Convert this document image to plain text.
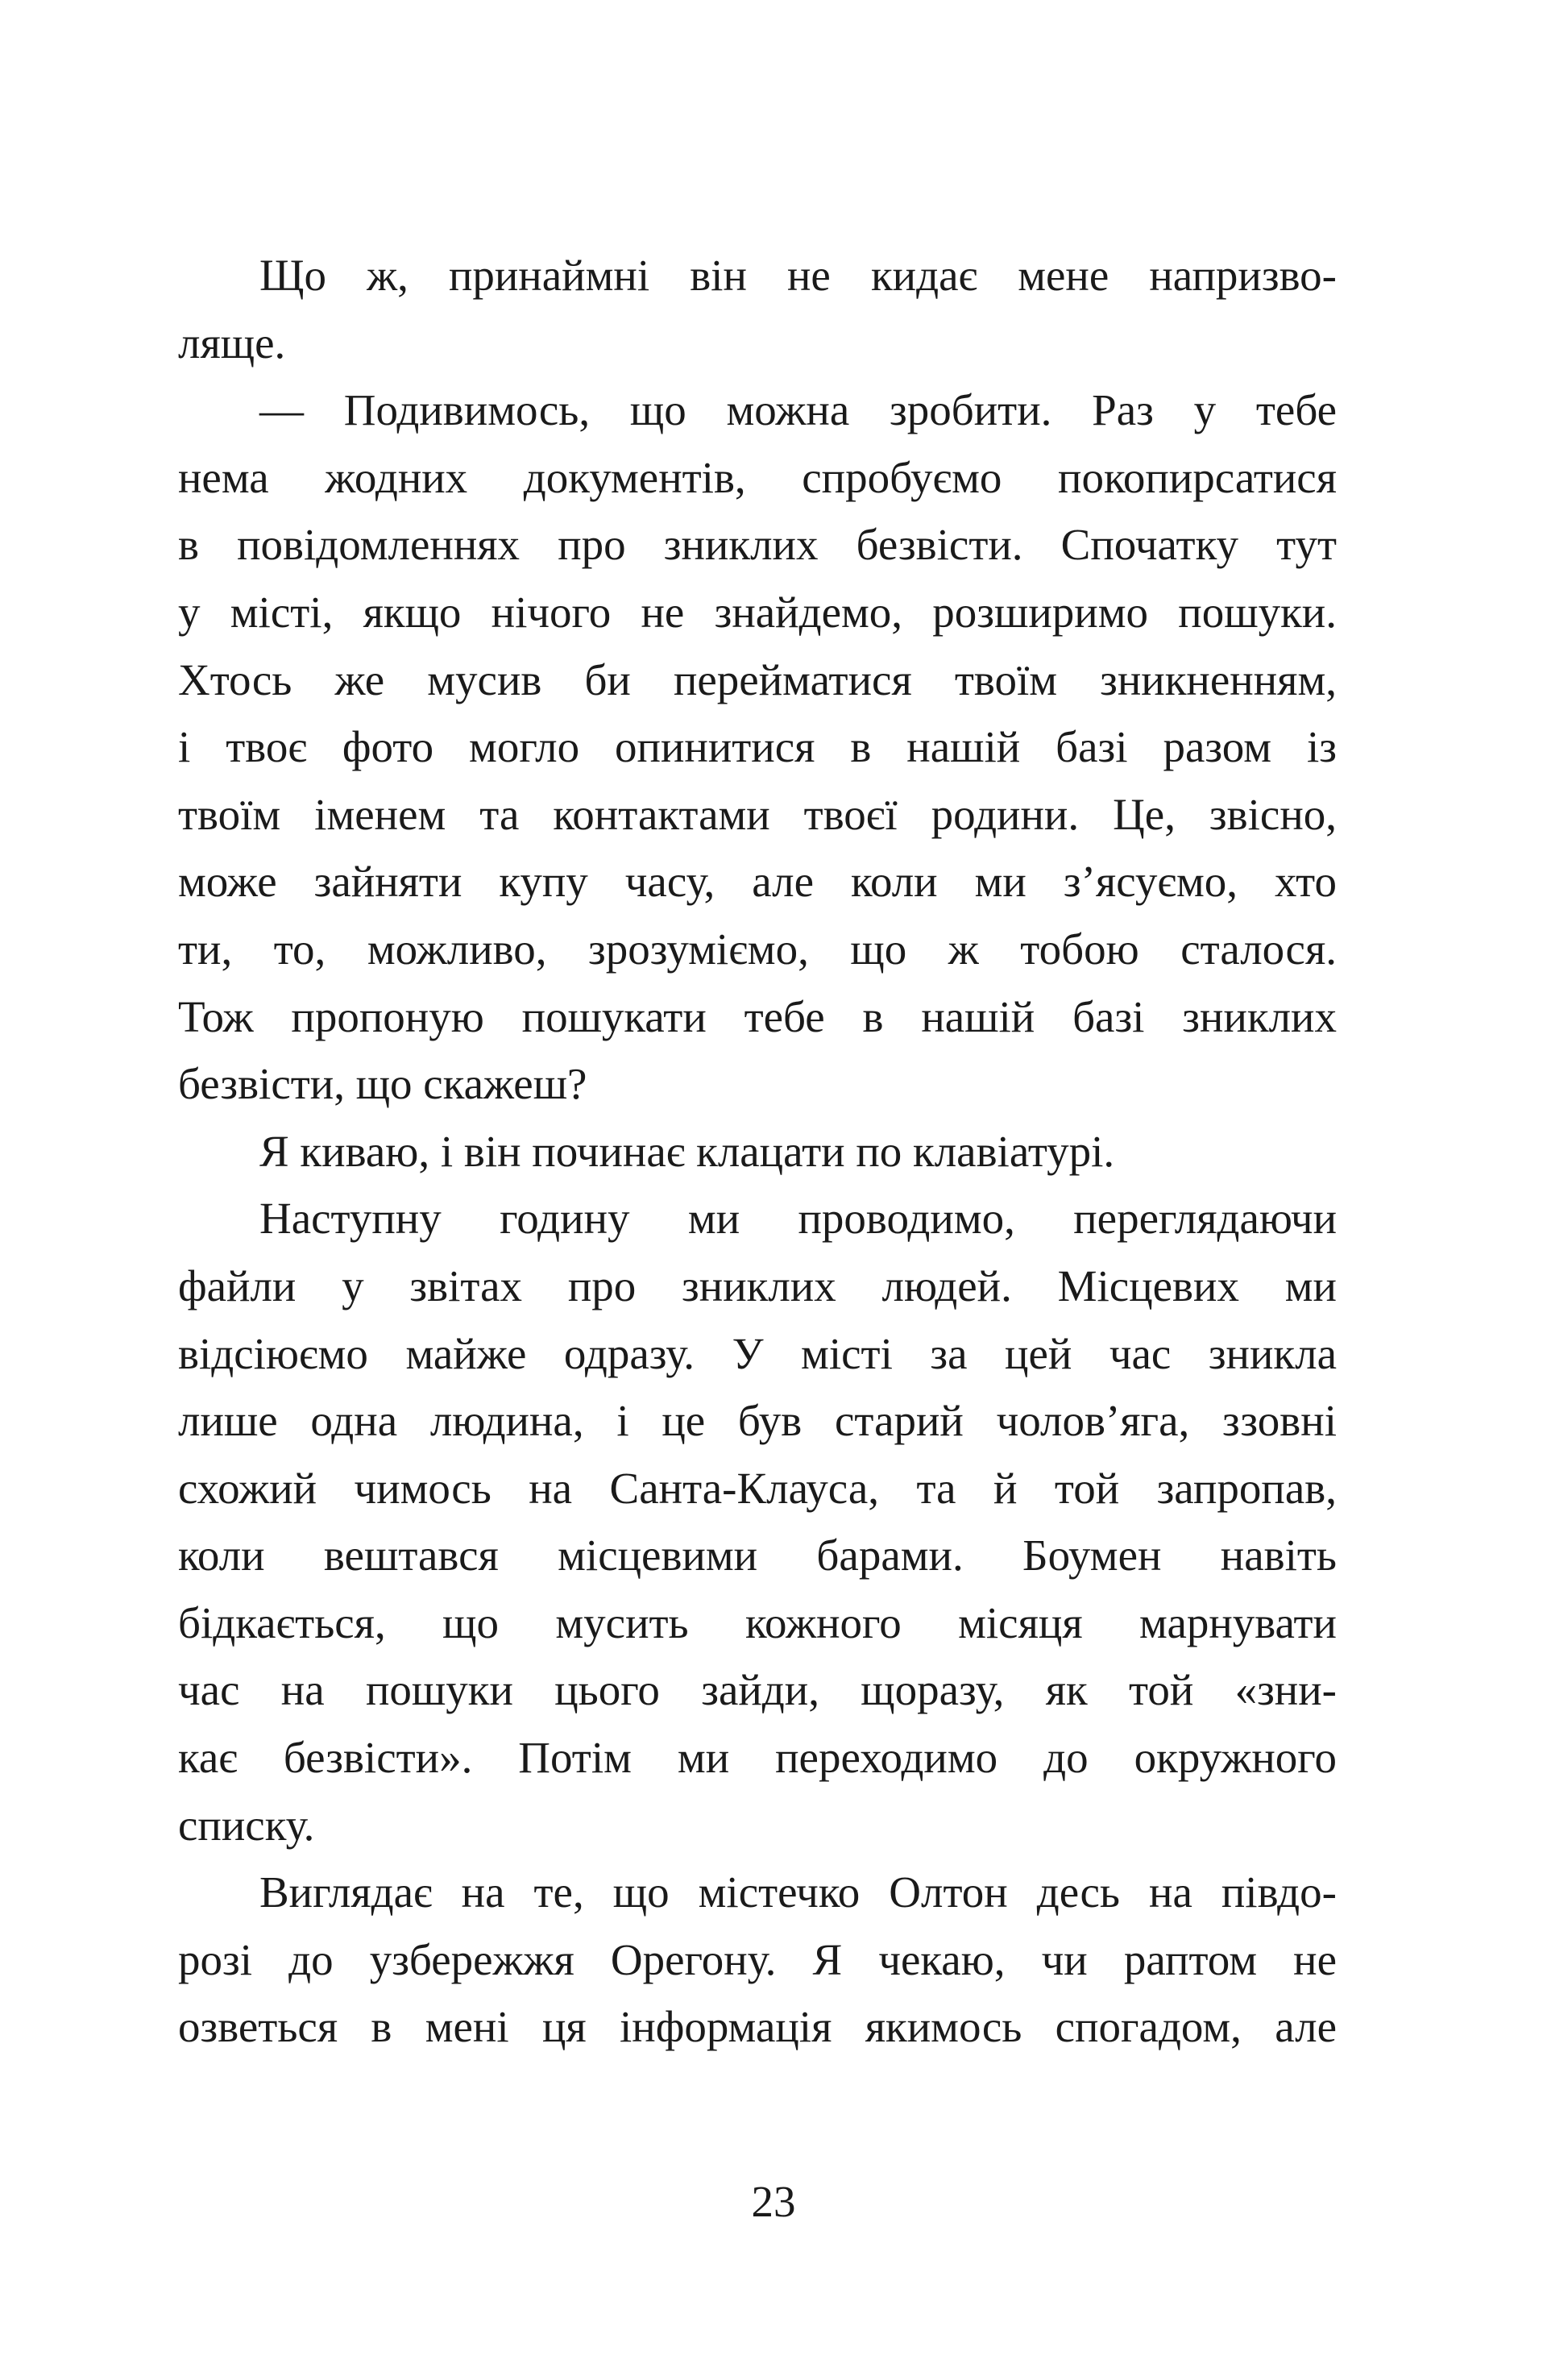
Що ж, принаймні він не кидає мене напризво-
ляще.
— Подивимось, що можна зробити. Раз у тебе
нема жодних документів, спробуємо покопирсатися
в повідомленнях про зниклих безвісти. Спочатку тут
у місті, якщо нічого не знайдемо, розширимо пошуки.
Хтось же мусив би перейматися твоїм зникненням,
і твоє фото могло опинитися в нашій базі разом із
твоїм іменем та контактами твоєї родини. Це, звісно,
може зайняти купу часу, але коли ми з’ясуємо, хто
ти, то, можливо, зрозуміємо, що ж тобою сталося.
Тож пропоную пошукати тебе в нашій базі зниклих
безвісти, що скажеш?
Я киваю, і він починає клацати по клавіатурі.
Наступну годину ми проводимо, переглядаючи
файли у звітах про зниклих людей. Місцевих ми
відсіюємо майже одразу. У місті за цей час зникла
лише одна людина, і це був старий чолов’яга, ззовні
схожий чимось на Санта-Клауса, та й той запропав,
коли вештався місцевими барами. Боумен навіть
бідкається, що мусить кожного місяця марнувати
час на пошуки цього зайди, щоразу, як той «зни-
кає безвісти». Потім ми переходимо до окружного
списку.
Виглядає на те, що містечко Олтон десь на півдо-
розі до узбережжя Орегону. Я чекаю, чи раптом не
озветься в мені ця інформація якимось спогадом, але
23
